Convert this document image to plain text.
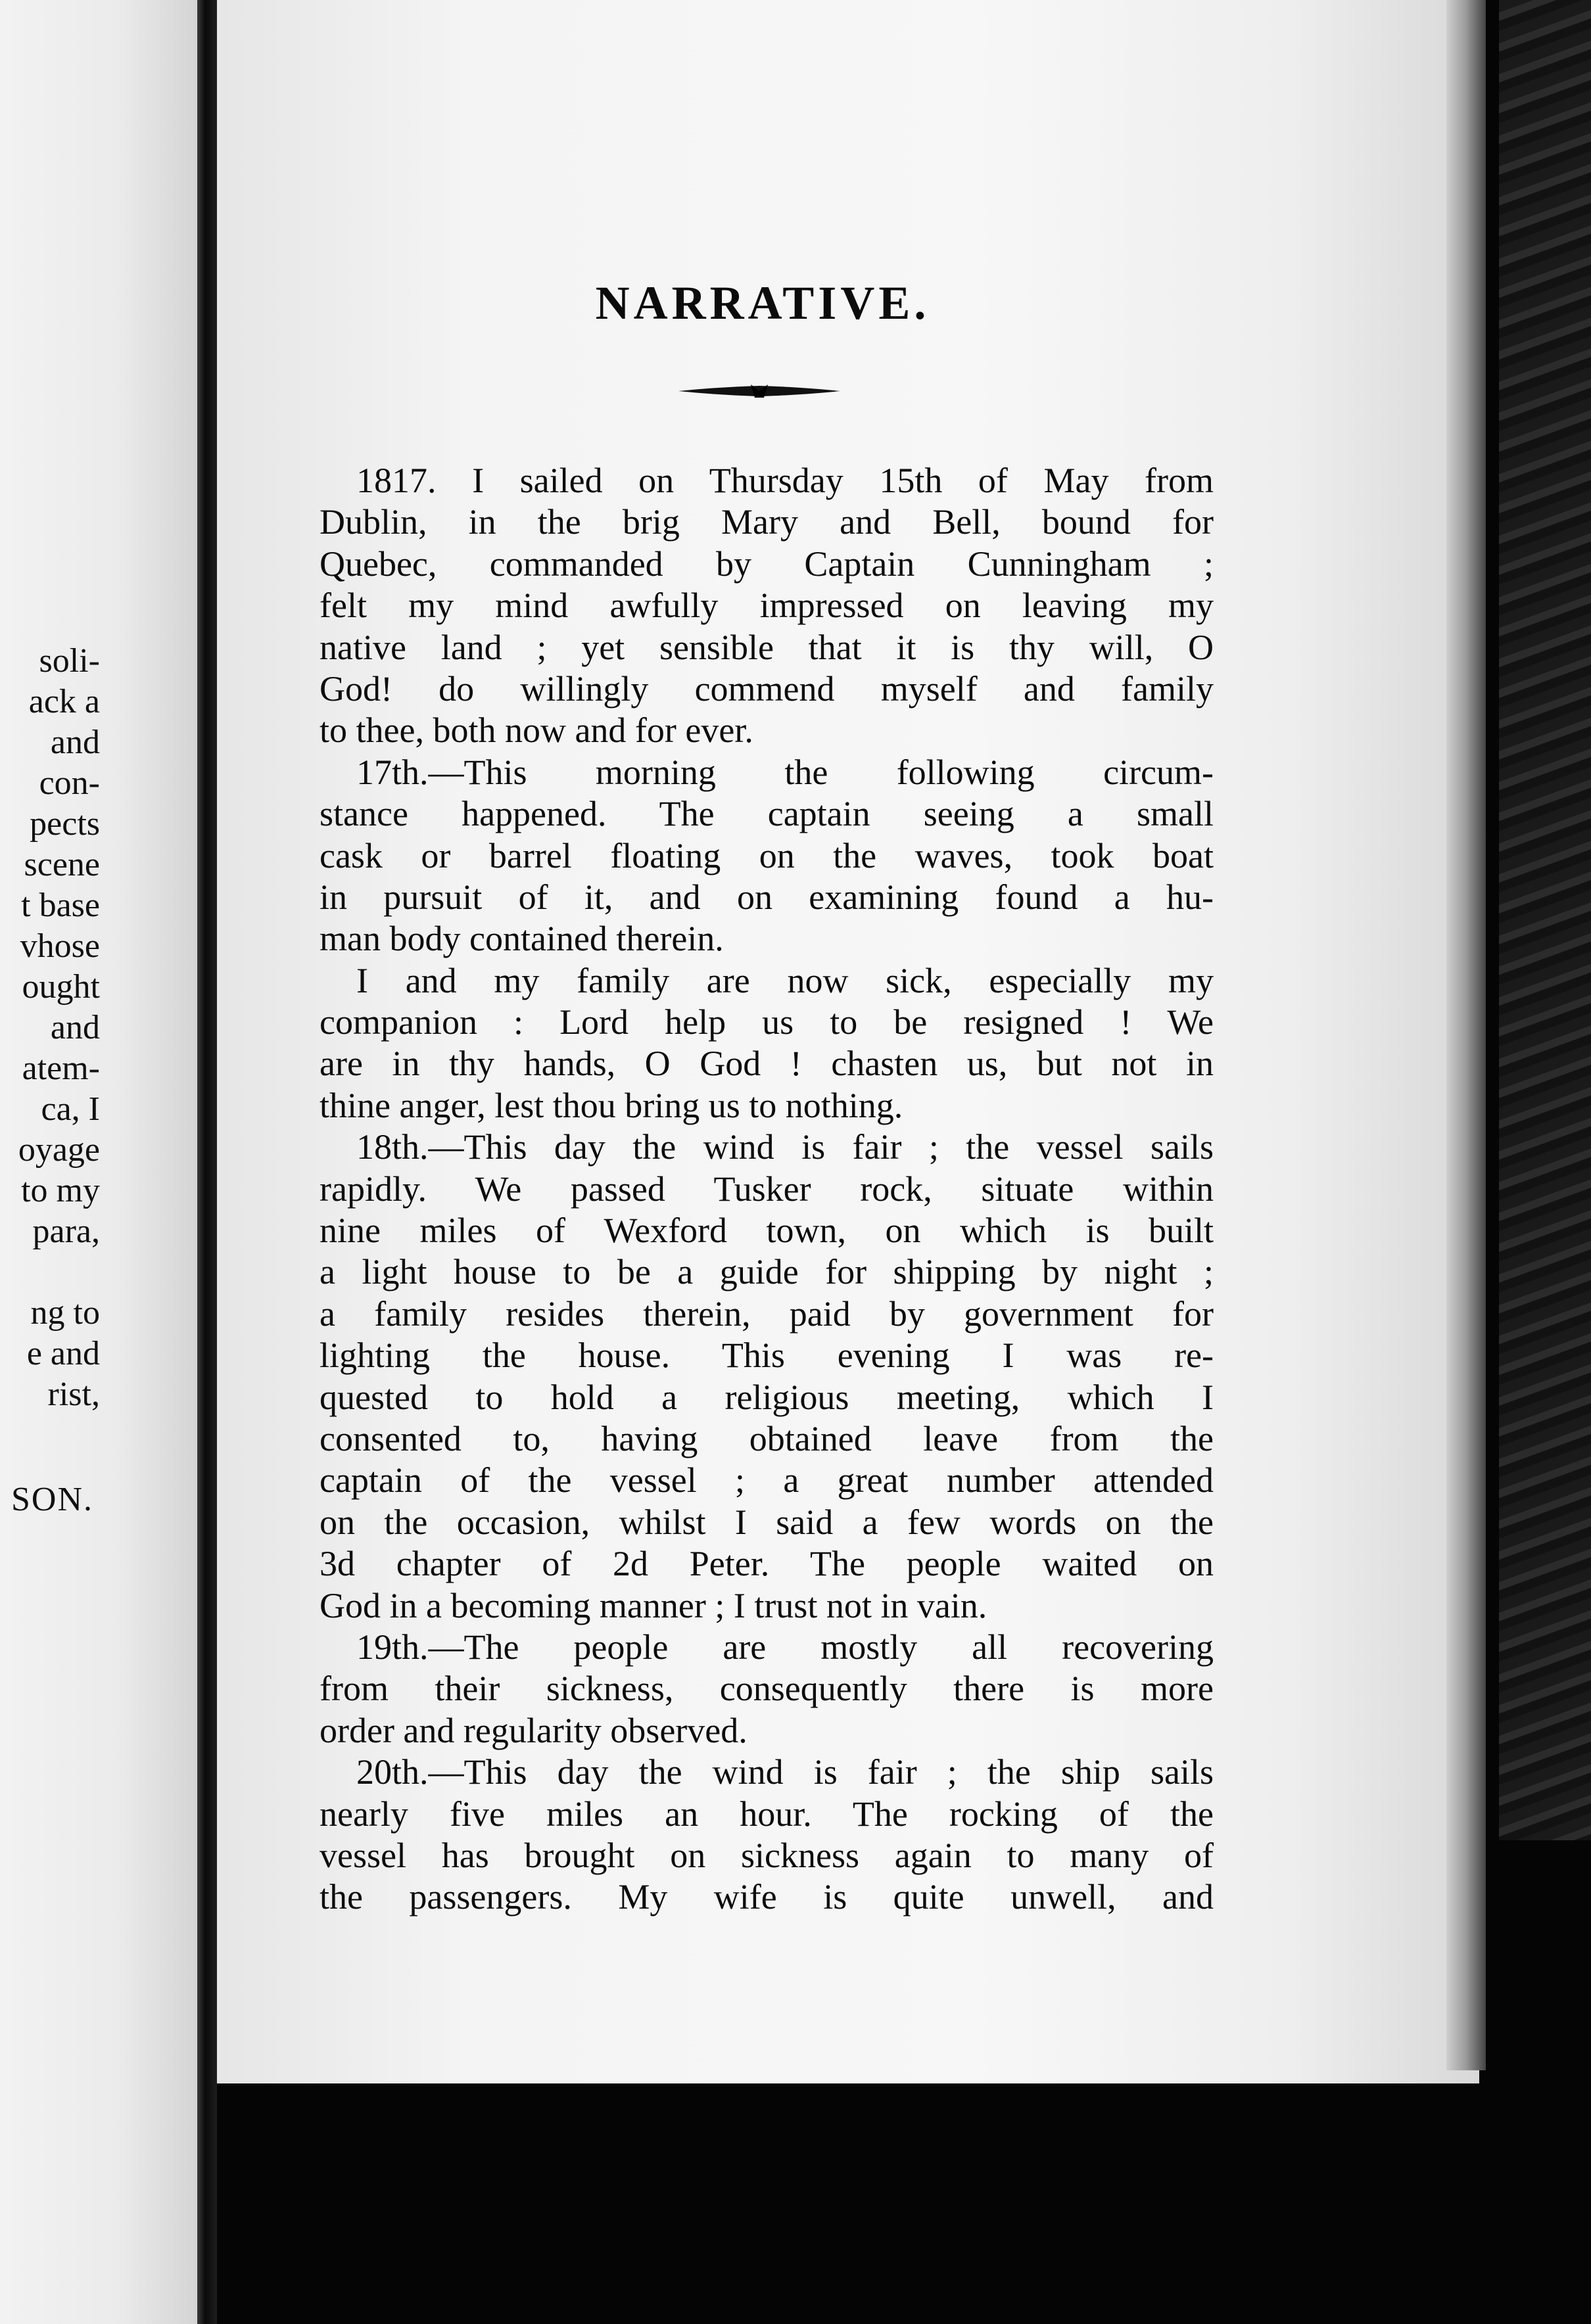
soli-
ack a
and
con-
pects
scene
t base
vhose
ought
and
atem-
ca, I
oyage
to my
para,

ng to
e and
rist,
SON.
NARRATIVE.
1817. I sailed on Thursday 15th of May from
Dublin, in the brig Mary and Bell, bound for
Quebec, commanded by Captain Cunningham ;
felt my mind awfully impressed on leaving my
native land ; yet sensible that it is thy will, O
God! do willingly commend myself and family
to thee, both now and for ever.
17th.—This morning the following circum-
stance happened. The captain seeing a small
cask or barrel floating on the waves, took boat
in pursuit of it, and on examining found a hu-
man body contained therein.
I and my family are now sick, especially my
companion : Lord help us to be resigned ! We
are in thy hands, O God ! chasten us, but not in
thine anger, lest thou bring us to nothing.
18th.—This day the wind is fair ; the vessel sails
rapidly. We passed Tusker rock, situate within
nine miles of Wexford town, on which is built
a light house to be a guide for shipping by night ;
a family resides therein, paid by government for
lighting the house. This evening I was re-
quested to hold a religious meeting, which I
consented to, having obtained leave from the
captain of the vessel ; a great number attended
on the occasion, whilst I said a few words on the
3d chapter of 2d Peter. The people waited on
God in a becoming manner ; I trust not in vain.
19th.—The people are mostly all recovering
from their sickness, consequently there is more
order and regularity observed.
20th.—This day the wind is fair ; the ship sails
nearly five miles an hour. The rocking of the
vessel has brought on sickness again to many of
the passengers. My wife is quite unwell, and
